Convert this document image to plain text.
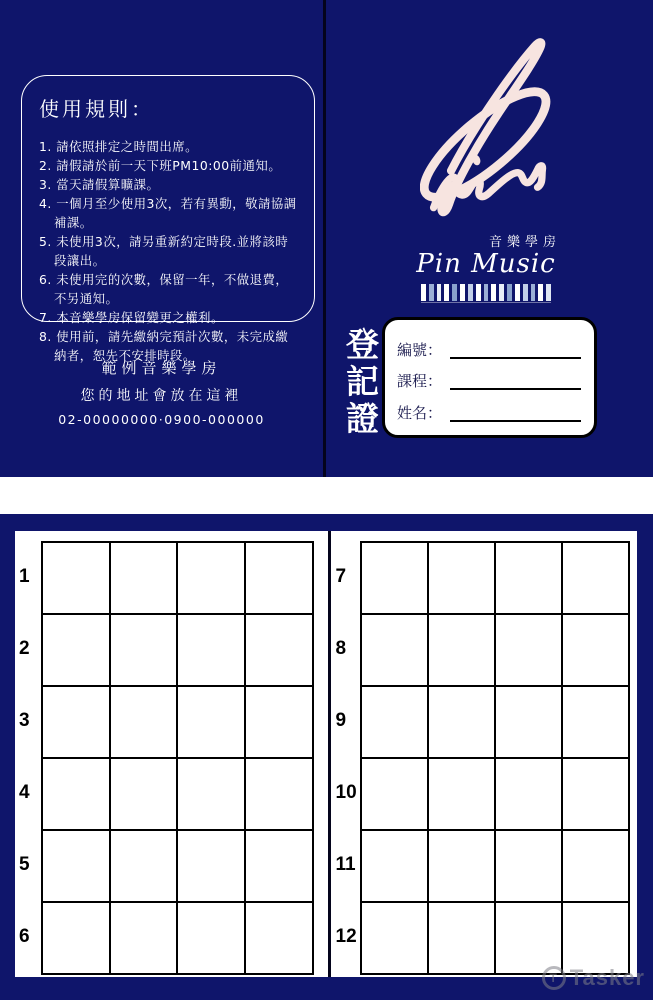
使用規則：
1. 請依照排定之時間出席。
2. 請假請於前一天下班PM10:00前通知。
3. 當天請假算曠課。
4. 一個月至少使用3次，若有異動，敬請協調補課。
5. 未使用3次，請另重新約定時段.並將該時段讓出。
6. 未使用完的次數，保留一年，不做退費，不另通知。
7. 本音樂學房保留變更之權利。
8. 使用前，請先繳納完預計次數，未完成繳納者，恕先不安排時段。
範例音樂學房
您的地址會放在這裡
02-00000000·0900-000000
音樂學房
Pin Music
登記證 編號：
課程：
姓名：
1
2
3
4
5
6
7
8
9
10
11
12
T Tasker
